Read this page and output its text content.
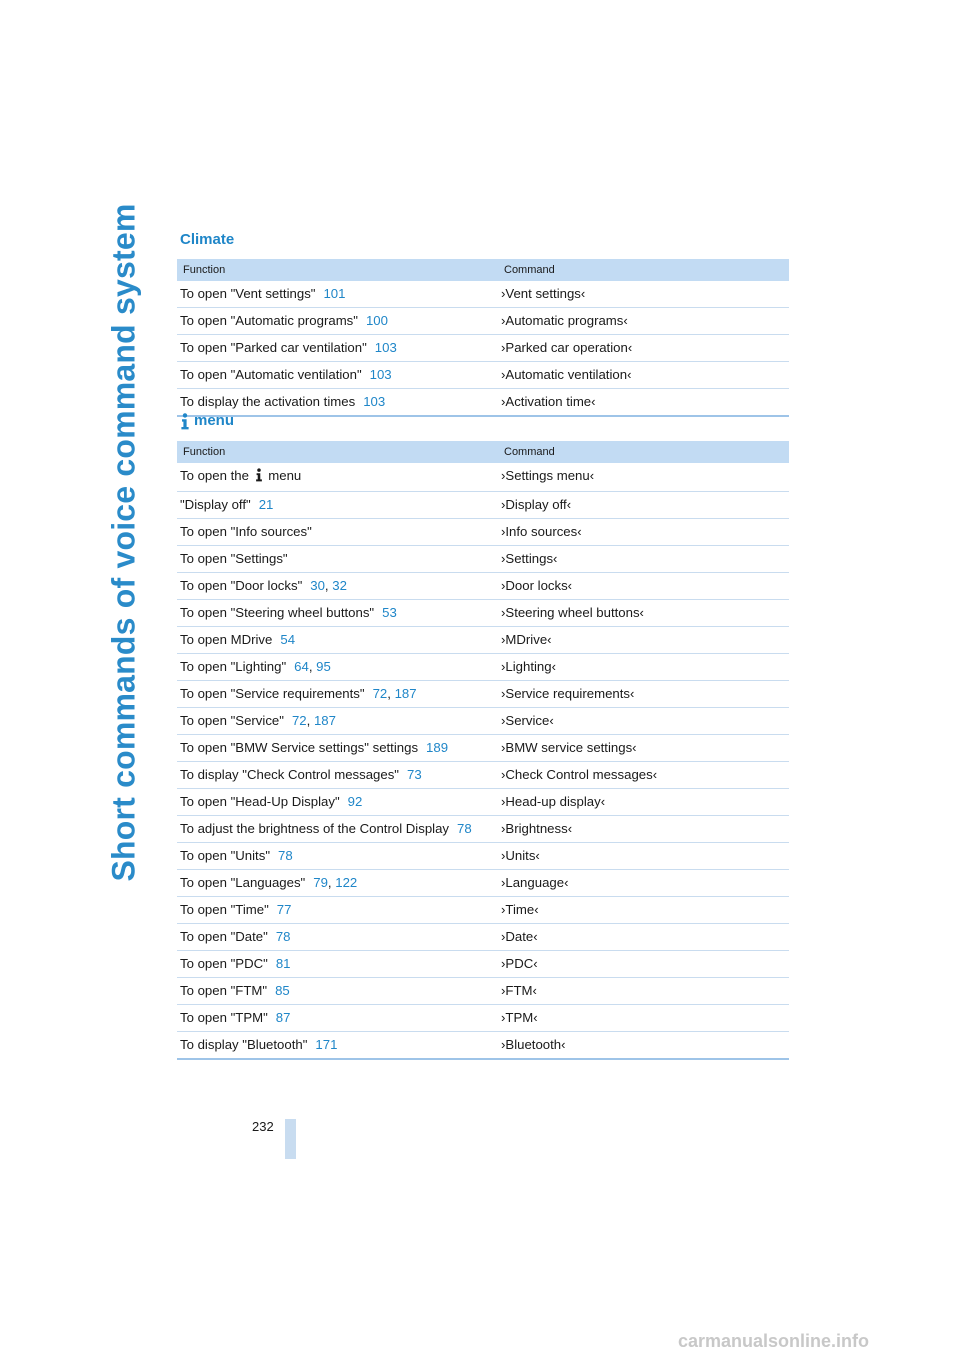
Short commands of voice command system	Climate
Function	Command
To open "Vent settings" 101	›Vent settings‹
To open "Automatic programs" 100	›Automatic programs‹
To open "Parked car ventilation" 103	›Parked car operation‹
To open "Automatic ventilation" 103	›Automatic ventilation‹
To display the activation times 103	›Activation time‹
menu
Function	Command
To open the menu	›Settings menu‹
"Display off" 21	›Display off‹
To open "Info sources"	›Info sources‹
To open "Settings"	›Settings‹
To open "Door locks" 30, 32	›Door locks‹
To open "Steering wheel buttons" 53	›Steering wheel buttons‹
To open MDrive 54	›MDrive‹
To open "Lighting" 64, 95	›Lighting‹
To open "Service requirements" 72, 187	›Service requirements‹
To open "Service" 72, 187	›Service‹
To open "BMW Service settings" settings 189	›BMW service settings‹
To display "Check Control messages" 73	›Check Control messages‹
To open "Head-Up Display" 92	›Head-up display‹
To adjust the brightness of the Control Display 78	›Brightness‹
To open "Units" 78	›Units‹
To open "Languages" 79, 122	›Language‹
To open "Time" 77	›Time‹
To open "Date" 78	›Date‹
To open "PDC" 81	›PDC‹
To open "FTM" 85	›FTM‹
To open "TPM" 87	›TPM‹
To display "Bluetooth" 171	›Bluetooth‹
232
carmanualsonline.info
